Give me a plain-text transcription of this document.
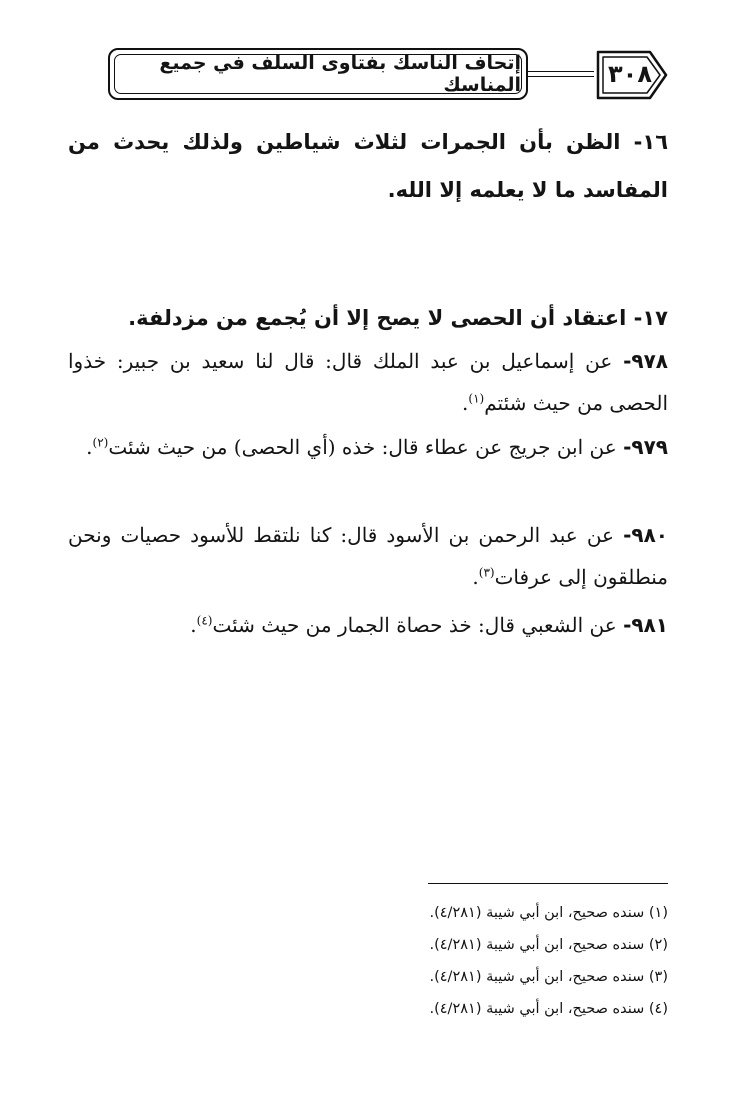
إتحاف الناسك بفتاوى السلف في جميع المناسك	٣٠٨
١٦- الظن بأن الجمرات لثلاث شياطين ولذلك يحدث من المفاسد ما لا يعلمه إلا الله.
١٧- اعتقاد أن الحصى لا يصح إلا أن يُجمع من مزدلفة.
٩٧٨- عن إسماعيل بن عبد الملك قال: قال لنا سعيد بن جبير: خذوا الحصى من حيث شئتم$^{(١)}$.
٩٧٩- عن ابن جريج عن عطاء قال: خذه (أي الحصى) من حيث شئت$^{(٢)}$.
٩٨٠- عن عبد الرحمن بن الأسود قال: كنا نلتقط للأسود حصيات ونحن منطلقون إلى عرفات$^{(٣)}$.
٩٨١- عن الشعبي قال: خذ حصاة الجمار من حيث شئت$^{(٤)}$.
(١) سنده صحيح، ابن أبي شيبة (٤/٢٨١).
(٢) سنده صحيح، ابن أبي شيبة (٤/٢٨١).
(٣) سنده صحيح، ابن أبي شيبة (٤/٢٨١).
(٤) سنده صحيح، ابن أبي شيبة (٤/٢٨١).
